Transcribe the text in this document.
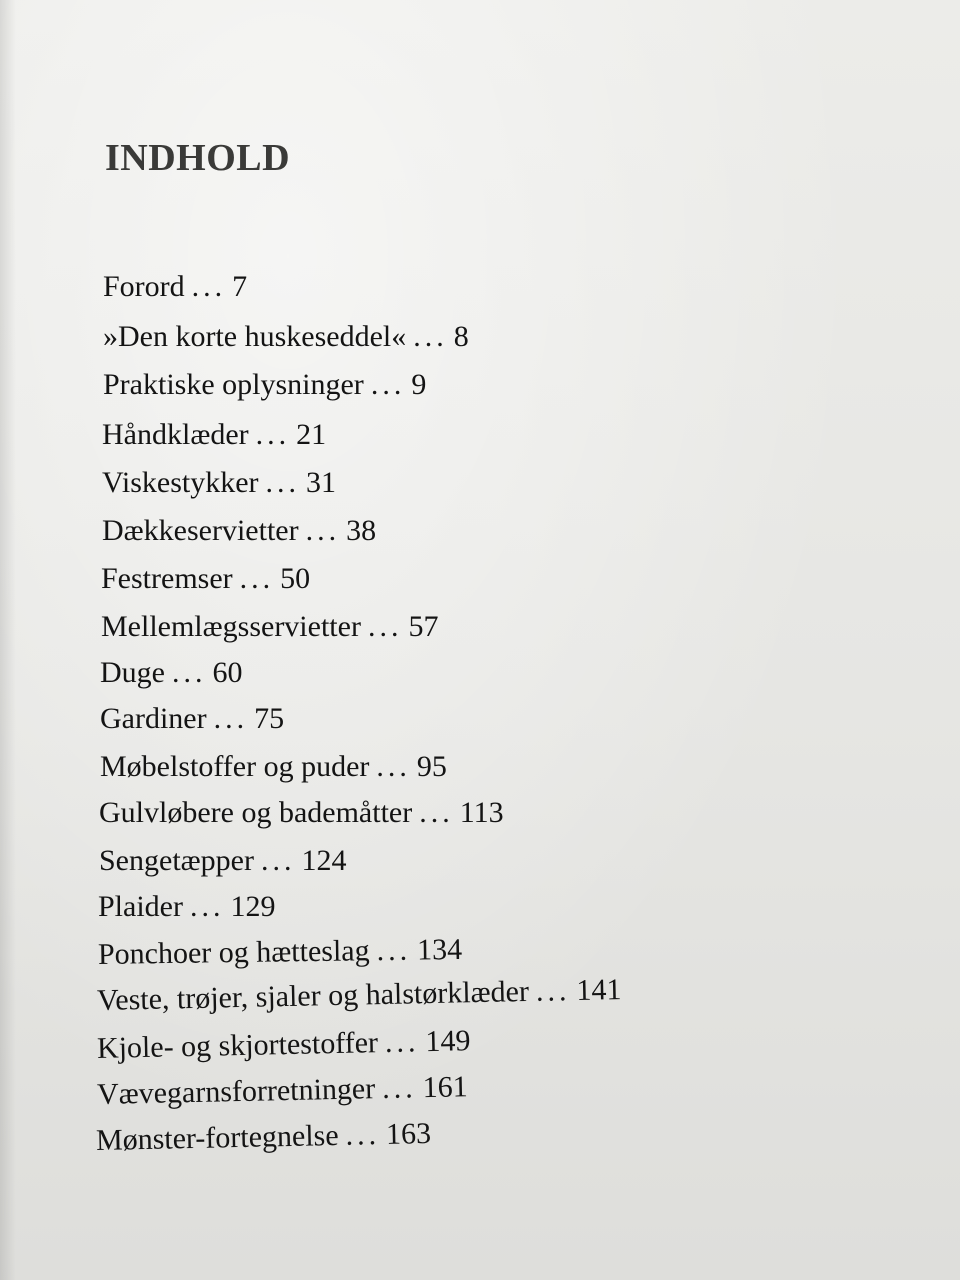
INDHOLD
Forord ... 7
»Den korte huskeseddel« ... 8
Praktiske oplysninger ... 9
Håndklæder ... 21
Viskestykker ... 31
Dækkeservietter ... 38
Festremser ... 50
Mellemlægsservietter ... 57
Duge ... 60
Gardiner ... 75
Møbelstoffer og puder ... 95
Gulvløbere og bademåtter ... 113
Sengetæpper ... 124
Plaider ... 129
Ponchoer og hætteslag ... 134
Veste, trøjer, sjaler og halstørklæder ... 141
Kjole- og skjortestoffer ... 149
Vævegarnsforretninger ... 161
Mønster-fortegnelse ... 163
